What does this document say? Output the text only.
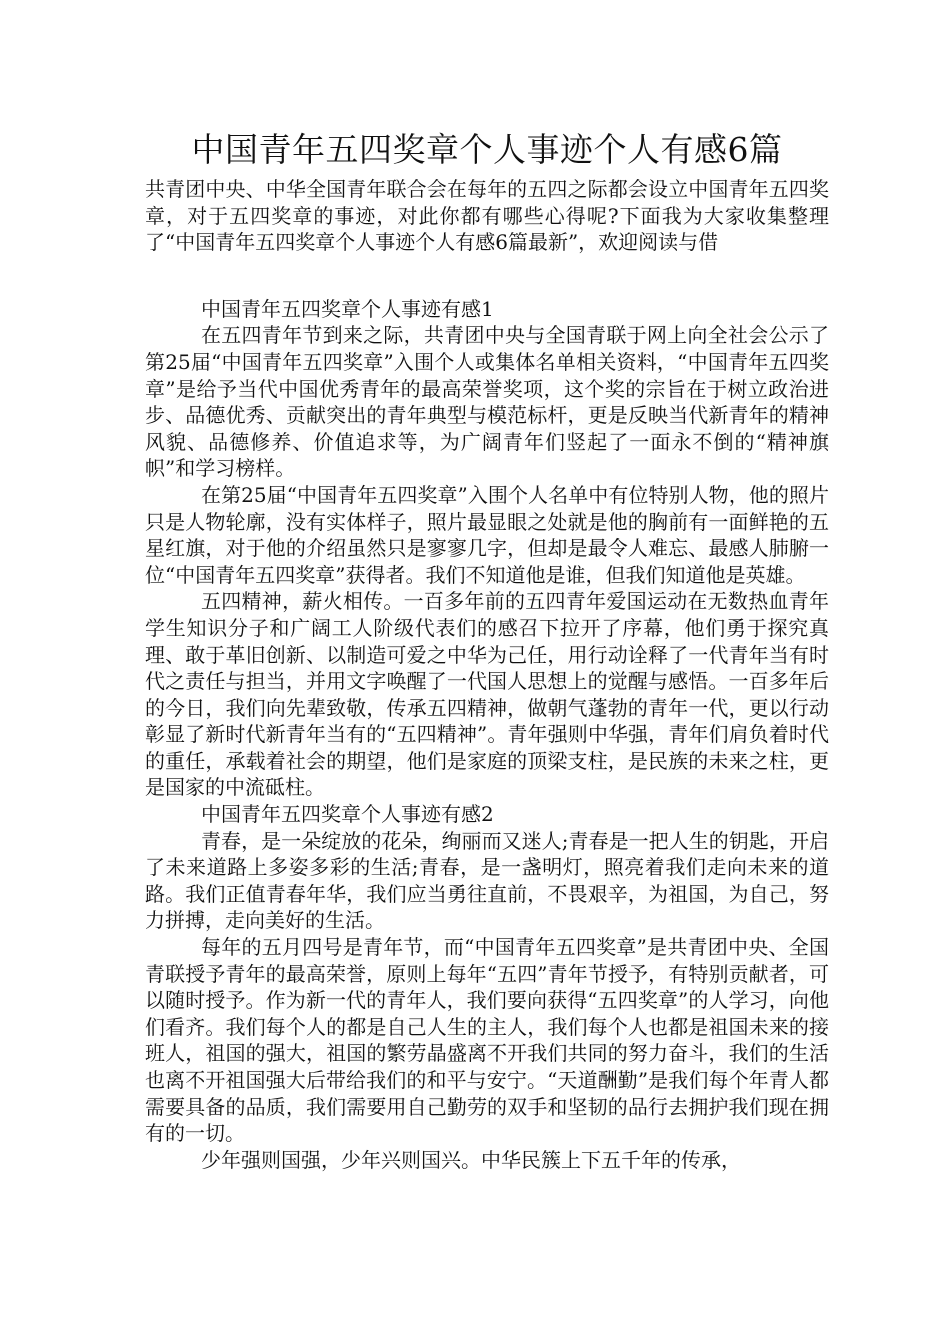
中国青年五四奖章个人事迹个人有感6篇

共青团中央、中华全国青年联合会在每年的五四之际都会设立中国青年五四奖章，对于五四奖章的事迹，对此你都有哪些心得呢?下面我为大家收集整理了“中国青年五四奖章个人事迹个人有感6篇最新”，欢迎阅读与借

中国青年五四奖章个人事迹有感1

在五四青年节到来之际，共青团中央与全国青联于网上向全社会公示了第25届“中国青年五四奖章”入围个人或集体名单相关资料，“中国青年五四奖章”是给予当代中国优秀青年的最高荣誉奖项，这个奖的宗旨在于树立政治进步、品德优秀、贡献突出的青年典型与模范标杆，更是反映当代新青年的精神风貌、品德修养、价值追求等，为广阔青年们竖起了一面永不倒的“精神旗帜”和学习榜样。

在第25届“中国青年五四奖章”入围个人名单中有位特别人物，他的照片只是人物轮廓，没有实体样子，照片最显眼之处就是他的胸前有一面鲜艳的五星红旗，对于他的介绍虽然只是寥寥几字，但却是最令人难忘、最感人肺腑一位“中国青年五四奖章”获得者。我们不知道他是谁，但我们知道他是英雄。

五四精神，薪火相传。一百多年前的五四青年爱国运动在无数热血青年学生知识分子和广阔工人阶级代表们的感召下拉开了序幕，他们勇于探究真理、敢于革旧创新、以制造可爱之中华为己任，用行动诠释了一代青年当有时代之责任与担当，并用文字唤醒了一代国人思想上的觉醒与感悟。一百多年后的今日，我们向先辈致敬，传承五四精神，做朝气蓬勃的青年一代，更以行动彰显了新时代新青年当有的“五四精神”。青年强则中华强，青年们肩负着时代的重任，承载着社会的期望，他们是家庭的顶梁支柱，是民族的未来之柱，更是国家的中流砥柱。

中国青年五四奖章个人事迹有感2

青春，是一朵绽放的花朵，绚丽而又迷人;青春是一把人生的钥匙，开启了未来道路上多姿多彩的生活;青春，是一盏明灯，照亮着我们走向未来的道路。我们正值青春年华，我们应当勇往直前，不畏艰辛，为祖国，为自己，努力拼搏，走向美好的生活。

每年的五月四号是青年节，而“中国青年五四奖章”是共青团中央、全国青联授予青年的最高荣誉，原则上每年“五四”青年节授予，有特别贡献者，可以随时授予。作为新一代的青年人，我们要向获得“五四奖章”的人学习，向他们看齐。我们每个人的都是自己人生的主人，我们每个人也都是祖国未来的接班人，祖国的强大，祖国的繁劳晶盛离不开我们共同的努力奋斗，我们的生活也离不开祖国强大后带给我们的和平与安宁。“天道酬勤”是我们每个年青人都需要具备的品质，我们需要用自己勤劳的双手和坚韧的品行去拥护我们现在拥有的一切。

少年强则国强，少年兴则国兴。中华民簇上下五千年的传承，
